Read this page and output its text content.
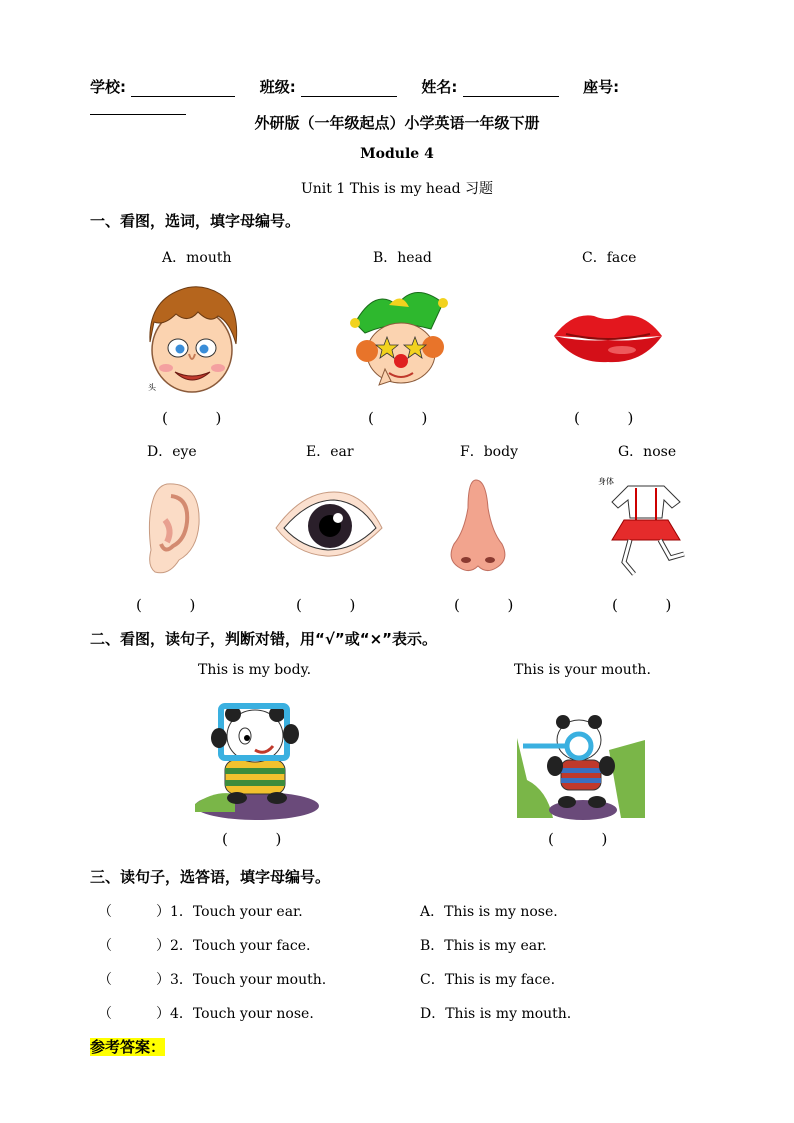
学校:	班级:	姓名:	座号:
外研版（一年级起点）小学英语一年级下册
Module 4
Unit 1 This is my head 习题
一、看图，选词，填字母编号。
A．mouth	B．head	C．face
头
(          )	(          )	(          )
D．eye	E．ear	F．body	G．nose
身体
(          )	(          )	(          )	(          )
二、看图，读句子，判断对错，用“√”或“×”表示。
This is my body.	This is your mouth.
(          )	(          )
三、读句子，选答语，填字母编号。
（	）1．Touch your ear.	A．This is my nose.
（	）2．Touch your face.	B．This is my ear.
（	）3．Touch your mouth.	C．This is my face.
（	）4．Touch your nose.	D．This is my mouth.
参考答案：
